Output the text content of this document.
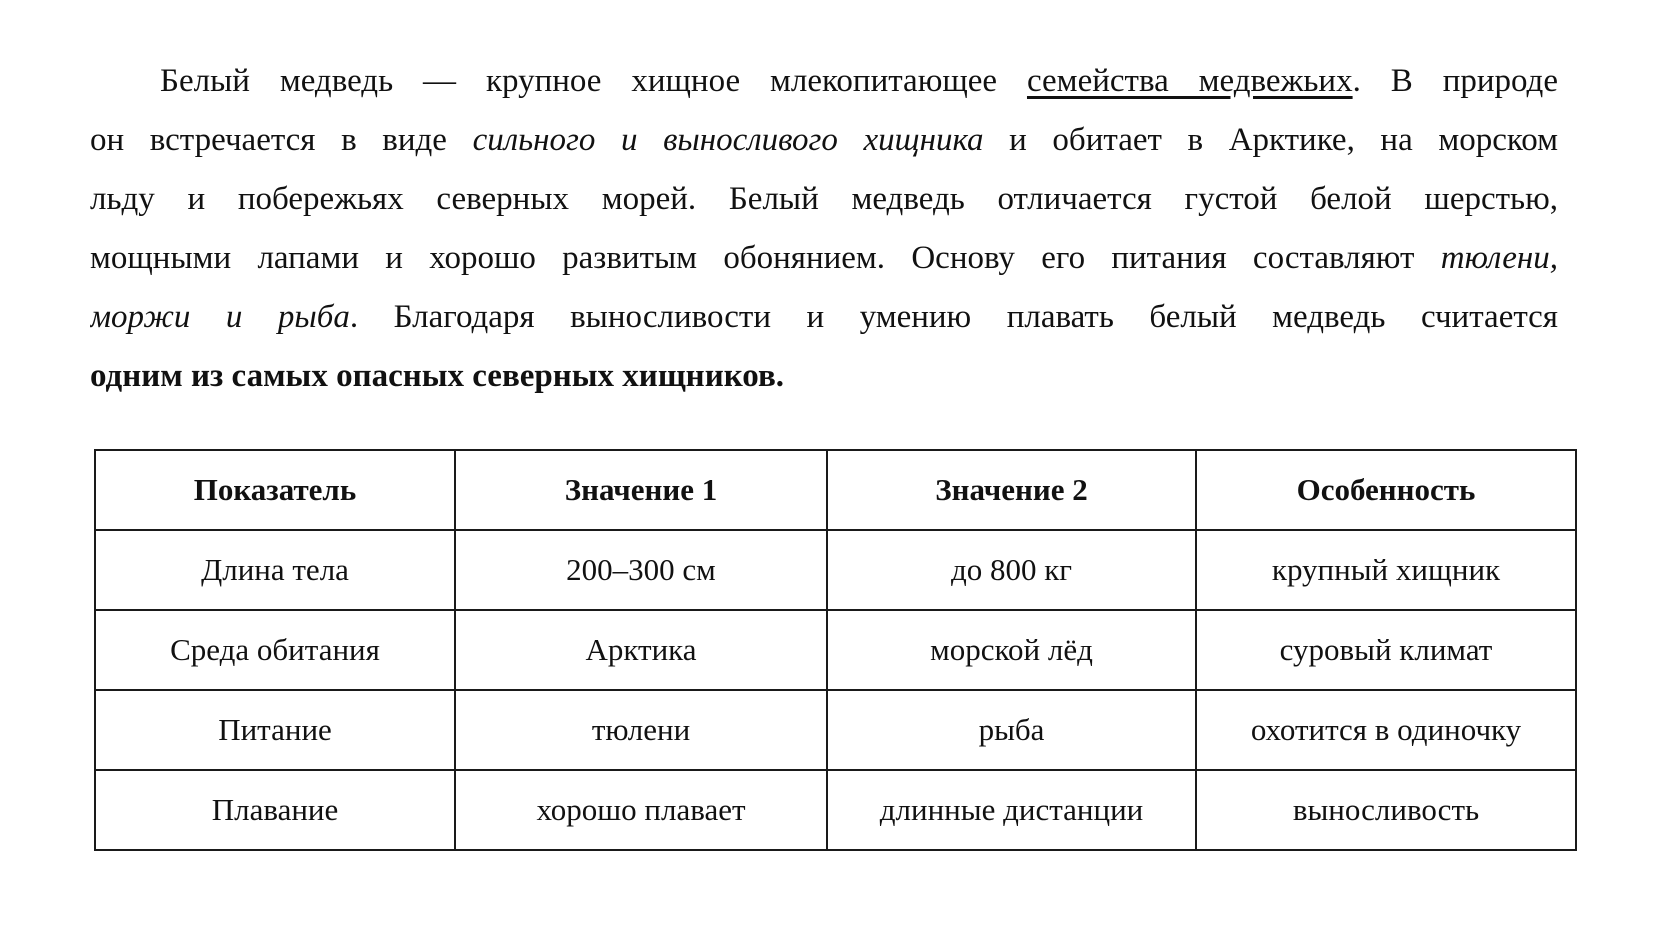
Белый медведь — крупное хищное млекопитающее семейства медвежьих. В природе
он встречается в виде сильного и выносливого хищника и обитает в Арктике, на морском
льду и побережьях северных морей. Белый медведь отличается густой белой шерстью,
мощными лапами и хорошо развитым обонянием. Основу его питания составляют тюлени,
моржи и рыба. Благодаря выносливости и умению плавать белый медведь считается
одним из самых опасных северных хищников.

Показатель	Значение 1	Значение 2	Особенность
Длина тела	200–300 см	до 800 кг	крупный хищник
Среда обитания	Арктика	морской лёд	суровый климат
Питание	тюлени	рыба	охотится в одиночку
Плавание	хорошо плавает	длинные дистанции	выносливость
